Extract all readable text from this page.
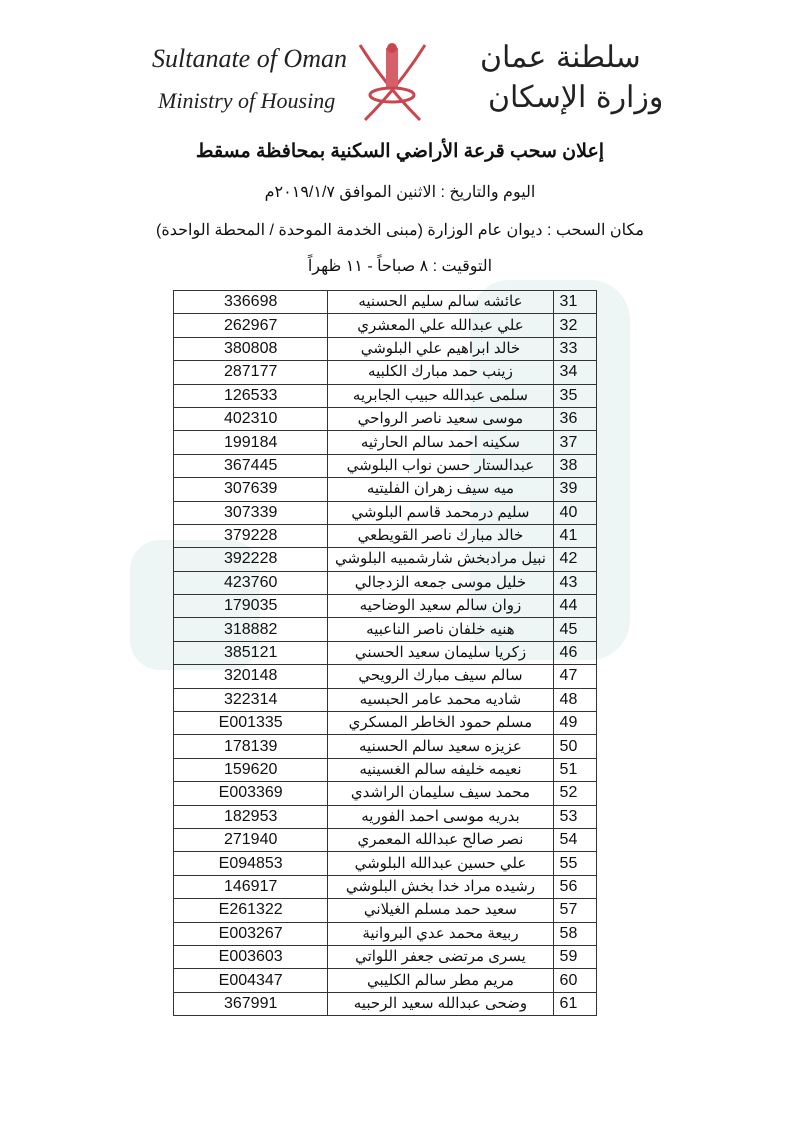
Sultanate of Oman
Ministry of Housing
سلطنة عمان
وزارة الإسكان
إعلان سحب قرعة الأراضي السكنية بمحافظة مسقط
اليوم والتاريخ : الاثنين الموافق ٢٠١٩/١/٧م
مكان السحب : ديوان عام الوزارة (مبنى الخدمة الموحدة / المحطة الواحدة)
التوقيت : ٨ صباحاً - ١١ ظهراً
336698	عائشه سالم سليم الحسنيه	31
262967	علي عبدالله علي المعشري	32
380808	خالد ابراهيم علي البلوشي	33
287177	زينب حمد مبارك الكلبيه	34
126533	سلمى عبدالله حبيب الجابريه	35
402310	موسى سعيد ناصر الرواحي	36
199184	سكينه احمد سالم الحارثيه	37
367445	عبدالستار حسن نواب البلوشي	38
307639	ميه سيف زهران الفليتيه	39
307339	سليم درمحمد قاسم البلوشي	40
379228	خالد مبارك ناصر القويطعي	41
392228	نبيل مرادبخش شارشمبيه البلوشي	42
423760	خليل موسى جمعه الزدجالي	43
179035	زوان سالم سعيد الوضاحيه	44
318882	هنيه خلفان ناصر الناعبيه	45
385121	زكريا سليمان سعيد الحسني	46
320148	سالم سيف مبارك الرويحي	47
322314	شاديه محمد عامر الحبسيه	48
E001335	مسلم حمود الخاطر المسكري	49
178139	عزيزه سعيد سالم الحسنيه	50
159620	نعيمه خليفه سالم الغسينيه	51
E003369	محمد سيف سليمان الراشدي	52
182953	بدريه موسى احمد الفوريه	53
271940	نصر صالح عبدالله المعمري	54
E094853	علي حسين عبدالله البلوشي	55
146917	رشيده مراد خدا بخش البلوشي	56
E261322	سعيد حمد مسلم الغيلاني	57
E003267	ربيعة محمد عدي البروانية	58
E003603	يسرى مرتضى جعفر اللواتي	59
E004347	مريم مطر سالم الكليبي	60
367991	وضحى عبدالله سعيد الرحبيه	61
